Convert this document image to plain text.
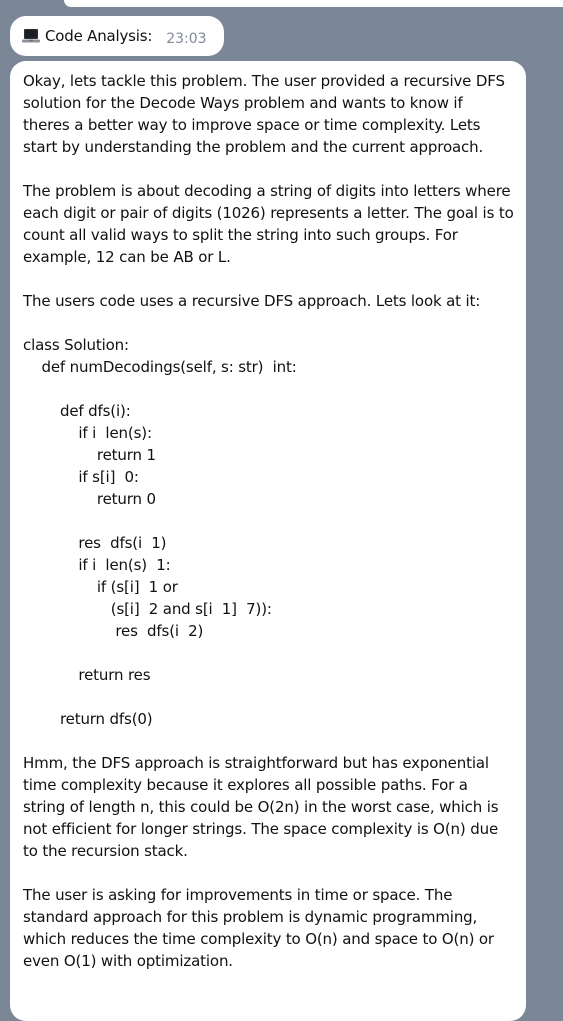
Code Analysis: 23:03

Okay, lets tackle this problem. The user provided a recursive DFS

solution for the Decode Ways problem and wants to know if

theres a better way to improve space or time complexity. Lets

start by understanding the problem and the current approach.

The problem is about decoding a string of digits into letters where

each digit or pair of digits (1026) represents a letter. The goal is to

count all valid ways to split the string into such groups. For

example, 12 can be AB or L.

The users code uses a recursive DFS approach. Lets look at it:

class Solution:
def numDecodings(self, s: str)  int:
def dfs(i):
if i  len(s):
return 1
if s[i]  0:
return 0
res  dfs(i  1)
if i  len(s)  1:
if (s[i]  1 or
(s[i]  2 and s[i  1]  7)):
res  dfs(i  2)
return res
return dfs(0)

Hmm, the DFS approach is straightforward but has exponential

time complexity because it explores all possible paths. For a

string of length n, this could be O(2n) in the worst case, which is

not efficient for longer strings. The space complexity is O(n) due

to the recursion stack.

The user is asking for improvements in time or space. The

standard approach for this problem is dynamic programming,

which reduces the time complexity to O(n) and space to O(n) or

even O(1) with optimization.
